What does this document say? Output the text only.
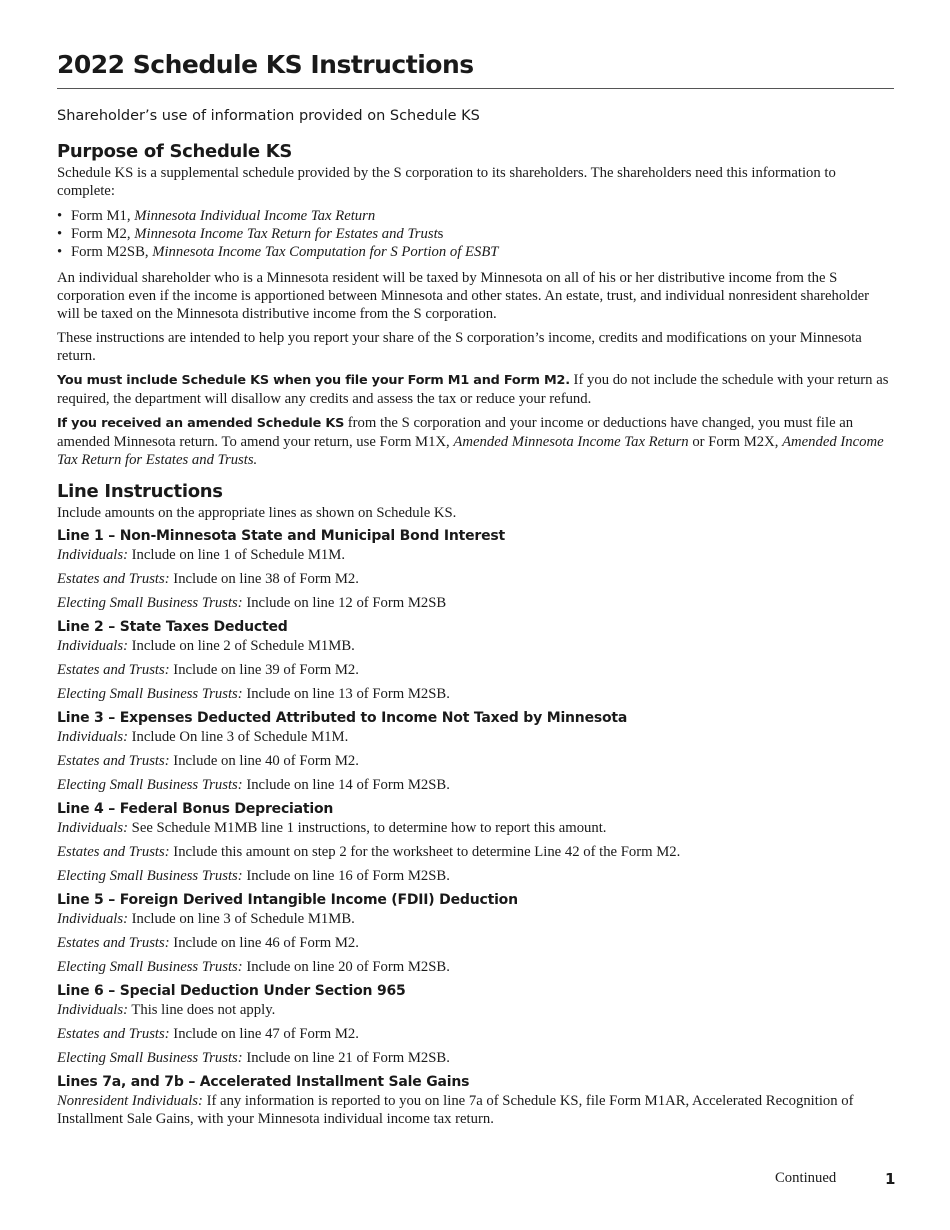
2022 Schedule KS Instructions

Shareholder’s use of information provided on Schedule KS

Purpose of Schedule KS

Schedule KS is a supplemental schedule provided by the S corporation to its shareholders. The shareholders need this information to complete:

• Form M1, Minnesota Individual Income Tax Return
• Form M2, Minnesota Income Tax Return for Estates and Trusts
• Form M2SB, Minnesota Income Tax Computation for S Portion of ESBT

An individual shareholder who is a Minnesota resident will be taxed by Minnesota on all of his or her distributive income from the S corporation even if the income is apportioned between Minnesota and other states. An estate, trust, and individual nonresident shareholder will be taxed on the Minnesota distributive income from the S corporation.

These instructions are intended to help you report your share of the S corporation’s income, credits and modifications on your Minnesota return.

You must include Schedule KS when you file your Form M1 and Form M2. If you do not include the schedule with your return as required, the department will disallow any credits and assess the tax or reduce your refund.

If you received an amended Schedule KS from the S corporation and your income or deductions have changed, you must file an amended Minnesota return. To amend your return, use Form M1X, Amended Minnesota Income Tax Return or Form M2X, Amended Income Tax Return for Estates and Trusts.

Line Instructions

Include amounts on the appropriate lines as shown on Schedule KS.

Line 1 – Non-Minnesota State and Municipal Bond Interest

Individuals: Include on line 1 of Schedule M1M.

Estates and Trusts: Include on line 38 of Form M2.

Electing Small Business Trusts: Include on line 12 of Form M2SB

Line 2 – State Taxes Deducted

Individuals: Include on line 2 of Schedule M1MB.

Estates and Trusts: Include on line 39 of Form M2.

Electing Small Business Trusts: Include on line 13 of Form M2SB.

Line 3 – Expenses Deducted Attributed to Income Not Taxed by Minnesota

Individuals: Include On line 3 of Schedule M1M.

Estates and Trusts: Include on line 40 of Form M2.

Electing Small Business Trusts: Include on line 14 of Form M2SB.

Line 4 – Federal Bonus Depreciation

Individuals: See Schedule M1MB line 1 instructions, to determine how to report this amount.

Estates and Trusts: Include this amount on step 2 for the worksheet to determine Line 42 of the Form M2.

Electing Small Business Trusts: Include on line 16 of Form M2SB.

Line 5 – Foreign Derived Intangible Income (FDII) Deduction

Individuals: Include on line 3 of Schedule M1MB.

Estates and Trusts: Include on line 46 of Form M2.

Electing Small Business Trusts: Include on line 20 of Form M2SB.

Line 6 – Special Deduction Under Section 965

Individuals: This line does not apply.

Estates and Trusts: Include on line 47 of Form M2.

Electing Small Business Trusts: Include on line 21 of Form M2SB.

Lines 7a, and 7b – Accelerated Installment Sale Gains

Nonresident Individuals: If any information is reported to you on line 7a of Schedule KS, file Form M1AR, Accelerated Recognition of Installment Sale Gains, with your Minnesota individual income tax return.

Continued	1
